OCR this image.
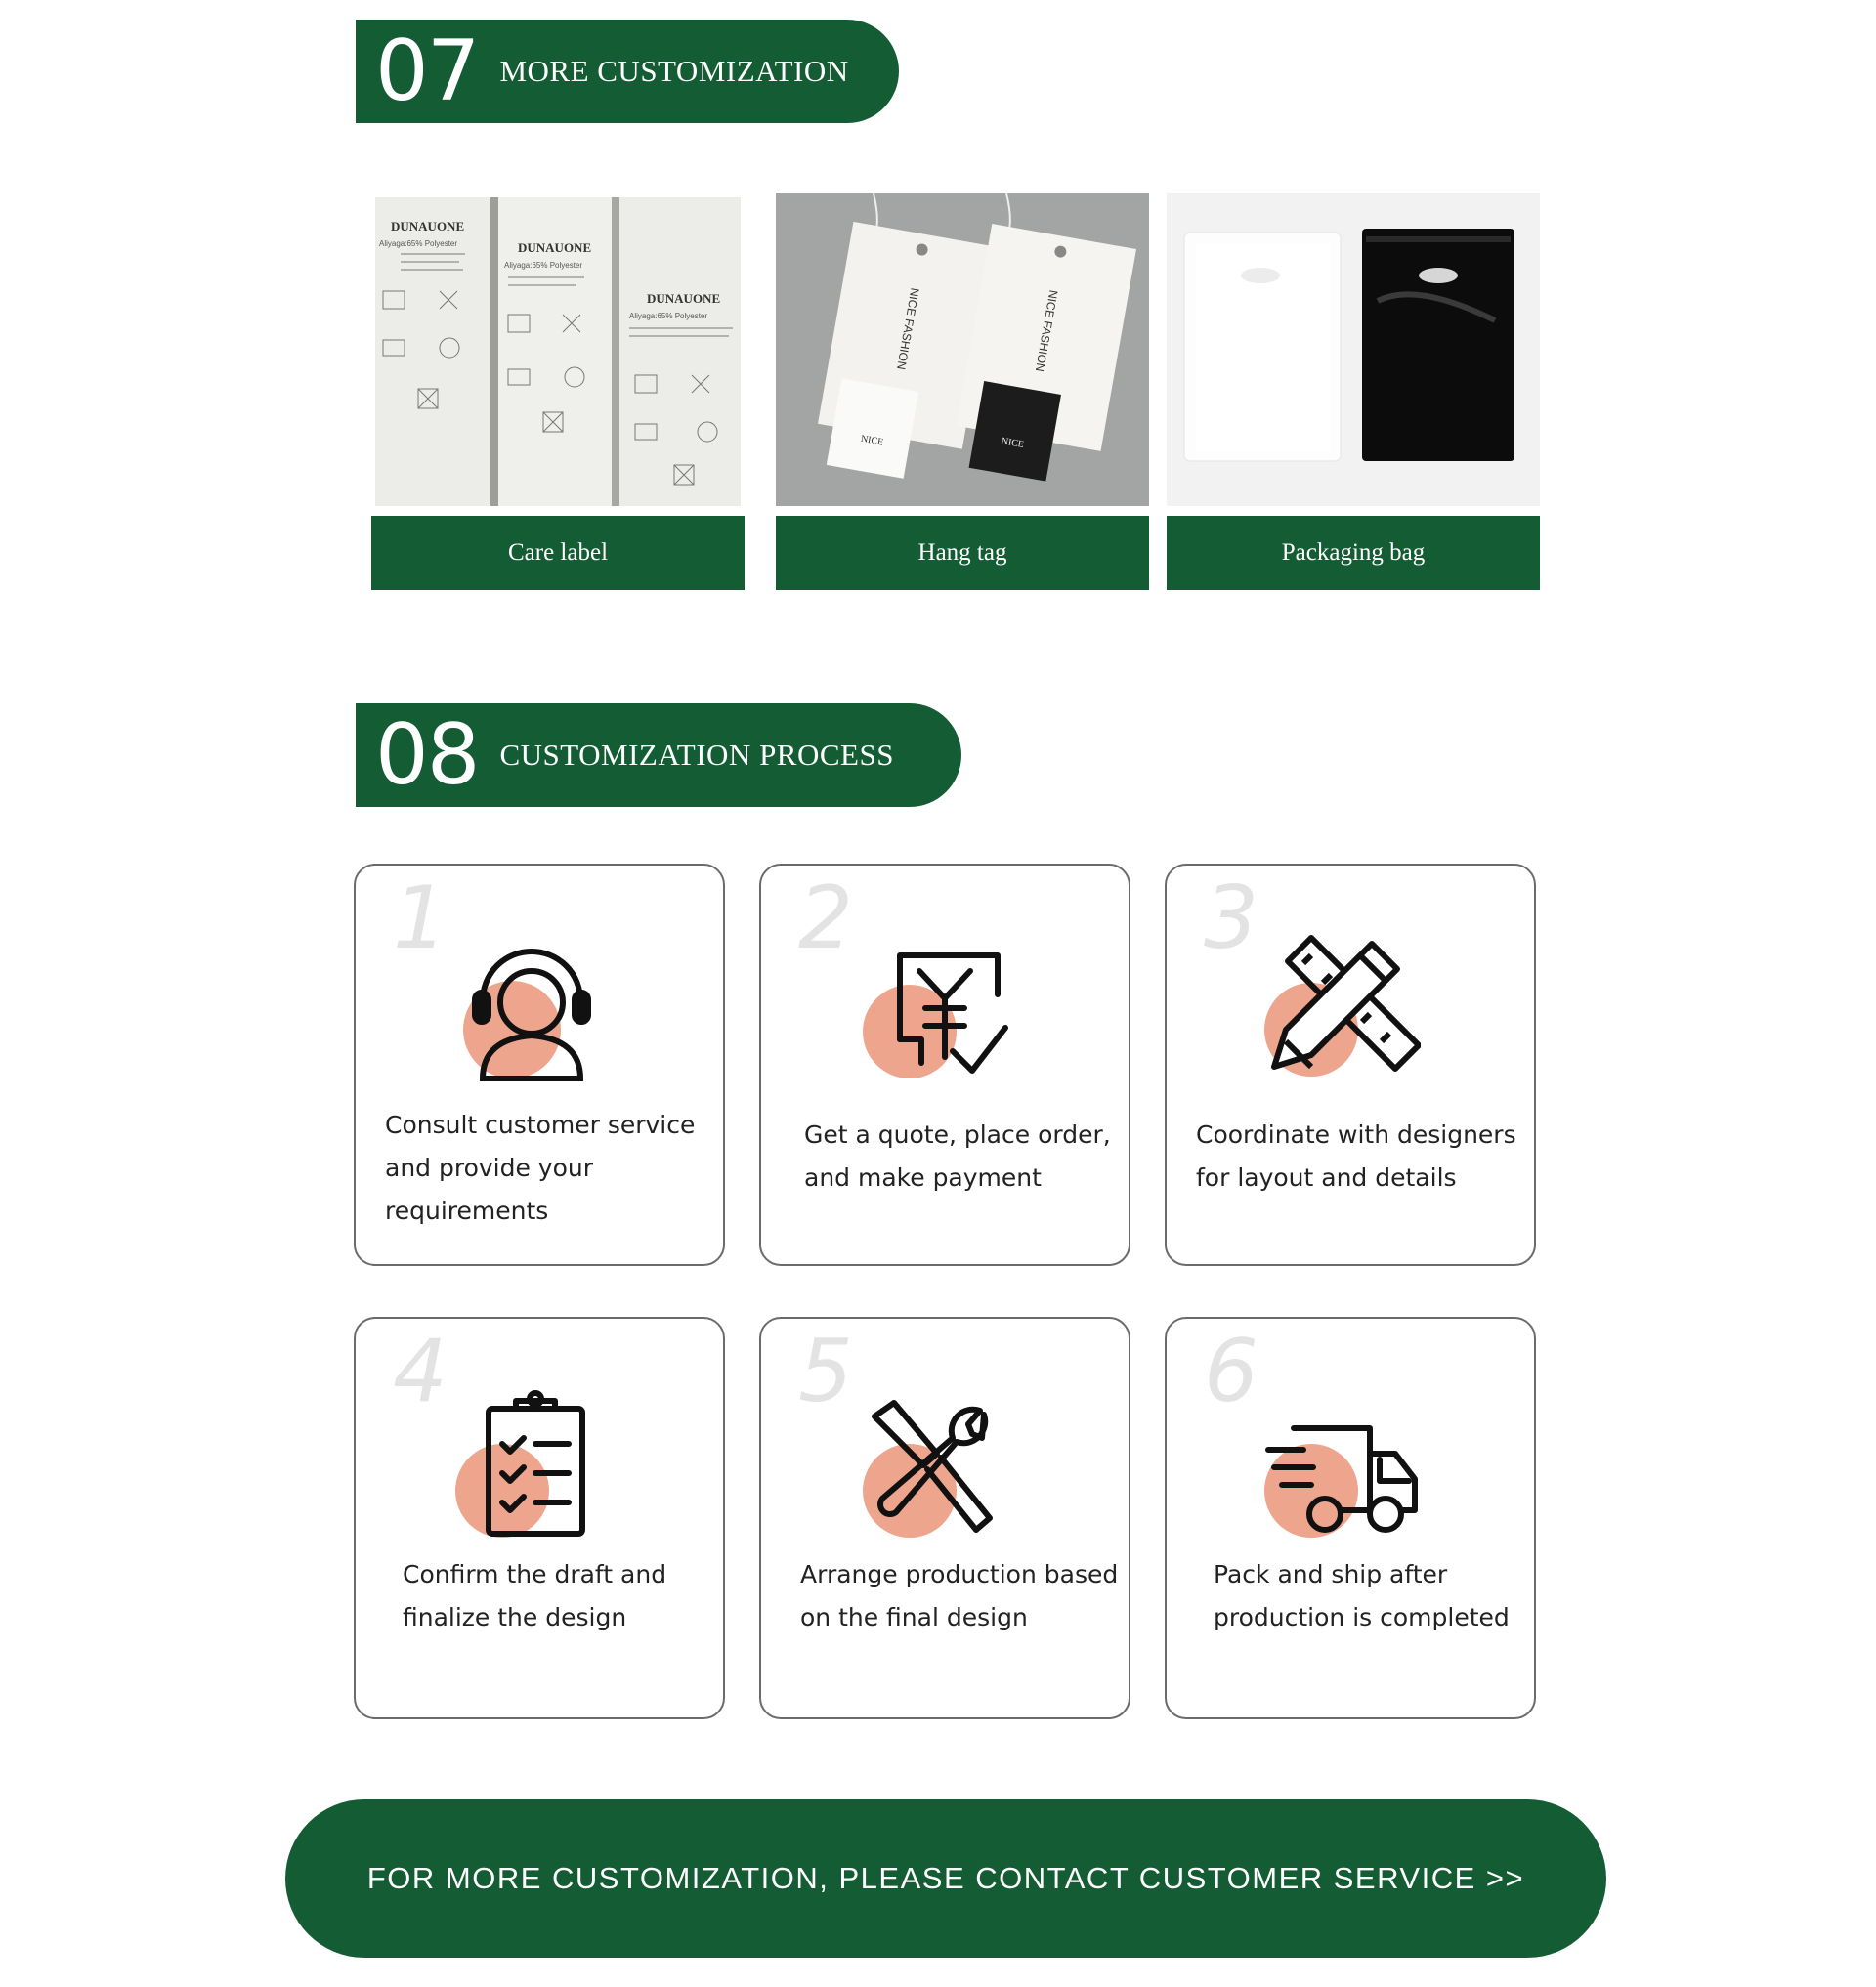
07 MORE CUSTOMIZATION
DUNAUONE
DUNAUONE
DUNAUONE
Aliyaga:65% Polyester
Aliyaga:65% Polyester
Aliyaga:65% Polyester
Care label
NICE
NICE FASHION
NICE
NICE FASHION
Hang tag	Packaging bag
08 CUSTOMIZATION PROCESS
1
Consult customer service
and provide your
requirements
2
Get a quote, place order,
and make payment
3
Coordinate with designers
for layout and details
4
Confirm the draft and
finalize the design
5
Arrange production based
on the final design
6
Pack and ship after
production is completed
FOR MORE CUSTOMIZATION, PLEASE CONTACT CUSTOMER SERVICE >>
